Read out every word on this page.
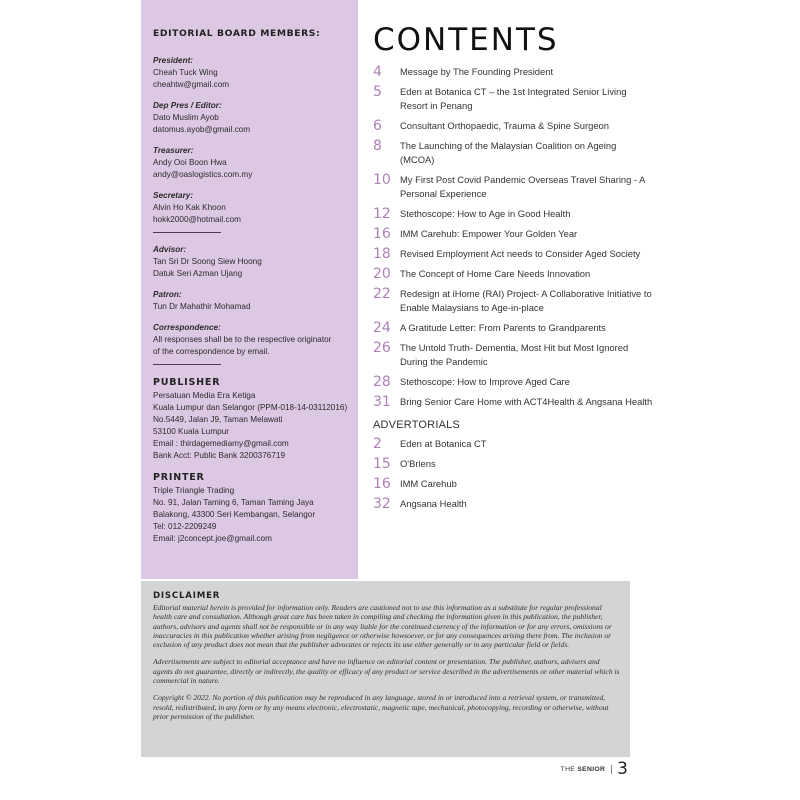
EDITORIAL BOARD MEMBERS:
President:
Cheah Tuck Wing
cheahtw@gmail.com
Dep Pres / Editor:
Dato Muslim Ayob
datomus.ayob@gmail.com
Treasurer:
Andy Ooi Boon Hwa
andy@oaslogistics.com.my
Secretary:
Alvin Ho Kak Khoon
hokk2000@hotmail.com
Advisor:
Tan Sri Dr Soong Siew Hoong
Datuk Seri Azman Ujang
Patron:
Tun Dr Mahathir Mohamad
Correspondence:
All responses shall be to the respective originator
of the correspondence by email.
PUBLISHER
Persatuan Media Era Ketiga
Kuala Lumpur dan Selangor (PPM-018-14-03112016)
No.5449, Jalan J9, Taman Melawati
53100 Kuala Lumpur
Email : thirdagemediamy@gmail.com
Bank Acct: Public Bank 3200376719
PRINTER
Triple Triangle Trading
No. 91, Jalan Taming 6, Taman Taming Jaya
Balakong, 43300 Seri Kembangan, Selangor
Tel: 012-2209249
Email: j2concept.joe@gmail.com
CONTENTS
4	Message by The Founding President
5	Eden at Botanica CT – the 1st Integrated Senior Living Resort in Penang
6	Consultant Orthopaedic, Trauma & Spine Surgeon
8	The Launching of the Malaysian Coalition on Ageing (MCOA)
10 My First Post Covid Pandemic Overseas Travel Sharing - A Personal Experience
12 Stethoscope: How to Age in Good Health
16 IMM Carehub: Empower Your Golden Year
18 Revised Employment Act needs to Consider Aged Society
20 The Concept of Home Care Needs Innovation
22 Redesign at iHome (RAI) Project- A Collaborative Initiative to Enable Malaysians to Age-in-place
24 A Gratitude Letter: From Parents to Grandparents
26 The Untold Truth- Dementia, Most Hit but Most Ignored During the Pandemic
28 Stethoscope: How to Improve Aged Care
31 Bring Senior Care Home with ACT4Health & Angsana Health
ADVERTORIALS
2	Eden at Botanica CT
15 O'Briens
16 IMM Carehub
32 Angsana Health
DISCLAIMER

Editorial material herein is provided for information only. Readers are cautioned not to use this information as a substitute for regular professional health care and consultation. Although great care has been taken in compiling and checking the information given in this publication, the publisher, authors, advisors and agents shall not be responsible or in any way liable for the continued currency of the information or for any errors, omissions or inaccuracies in this publication whether arising from negligence or otherwise howsoever, or for any consequences arising there from. The inclusion or exclusion of any product does not mean that the publisher advocates or rejects its use either generally or in any particular field or fields.

Advertisements are subject to editorial acceptance and have no influence on editorial content or presentation. The publisher, authors, advisers and agents do not guarantee, directly or indirectly, the quality or efficacy of any product or service described in the advertisements or other material which is commercial in nature.

Copyright © 2022. No portion of this publication may be reproduced in any language, stored in or introduced into a retrieval system, or transmitted, resold, redistributed, in any form or by any means electronic, electrostatic, magnetic tape, mechanical, photocopying, recording or otherwise, without prior permission of the publisher.

THE SENIOR 3
